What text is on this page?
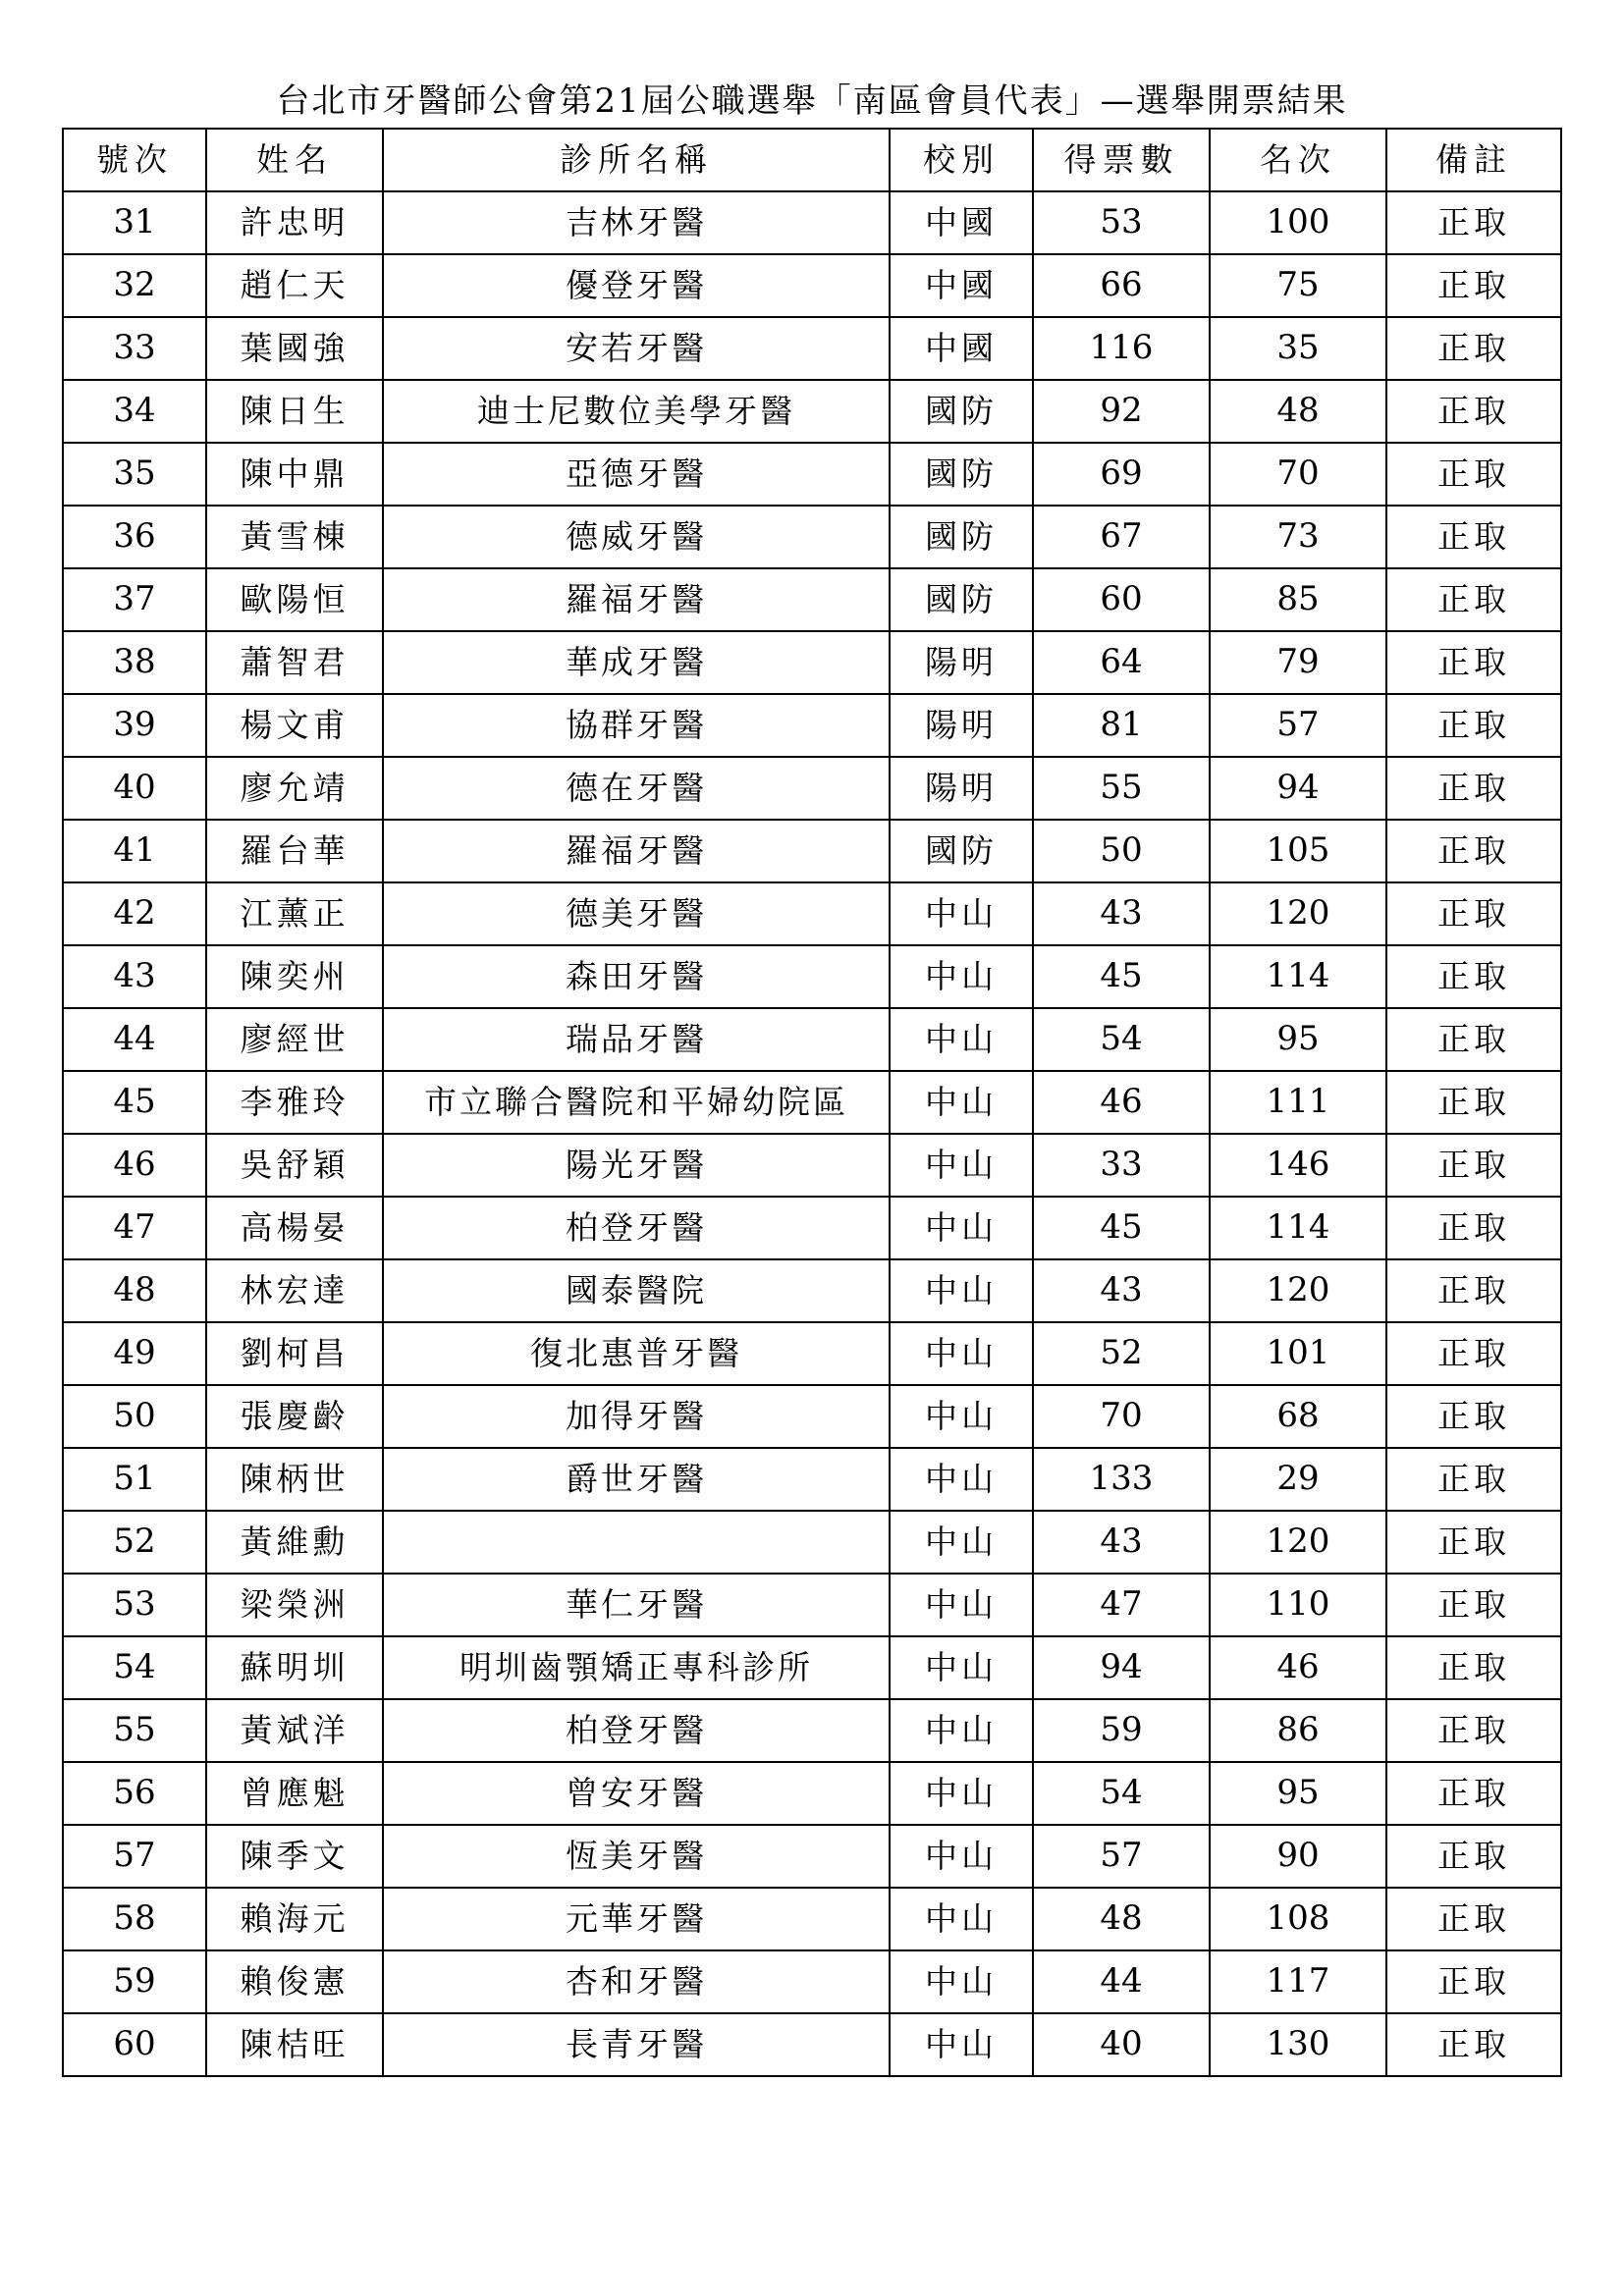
台北市牙醫師公會第21屆公職選舉「南區會員代表」—選舉開票結果
號次	姓名	診所名稱	校別	得票數	名次	備註
31	許忠明	吉林牙醫	中國	53	100	正取
32	趙仁天	優登牙醫	中國	66	75	正取
33	葉國強	安若牙醫	中國	116	35	正取
34	陳日生	迪士尼數位美學牙醫	國防	92	48	正取
35	陳中鼎	亞德牙醫	國防	69	70	正取
36	黃雪棟	德威牙醫	國防	67	73	正取
37	歐陽恒	羅福牙醫	國防	60	85	正取
38	蕭智君	華成牙醫	陽明	64	79	正取
39	楊文甫	協群牙醫	陽明	81	57	正取
40	廖允靖	德在牙醫	陽明	55	94	正取
41	羅台華	羅福牙醫	國防	50	105	正取
42	江薰正	德美牙醫	中山	43	120	正取
43	陳奕州	森田牙醫	中山	45	114	正取
44	廖經世	瑞品牙醫	中山	54	95	正取
45	李雅玲	市立聯合醫院和平婦幼院區	中山	46	111	正取
46	吳舒穎	陽光牙醫	中山	33	146	正取
47	高楊晏	柏登牙醫	中山	45	114	正取
48	林宏達	國泰醫院	中山	43	120	正取
49	劉柯昌	復北惠普牙醫	中山	52	101	正取
50	張慶齡	加得牙醫	中山	70	68	正取
51	陳柄世	爵世牙醫	中山	133	29	正取
52	黃維勳		中山	43	120	正取
53	梁榮洲	華仁牙醫	中山	47	110	正取
54	蘇明圳	明圳齒顎矯正專科診所	中山	94	46	正取
55	黃斌洋	柏登牙醫	中山	59	86	正取
56	曾應魁	曾安牙醫	中山	54	95	正取
57	陳季文	恆美牙醫	中山	57	90	正取
58	賴海元	元華牙醫	中山	48	108	正取
59	賴俊憲	杏和牙醫	中山	44	117	正取
60	陳桔旺	長青牙醫	中山	40	130	正取
